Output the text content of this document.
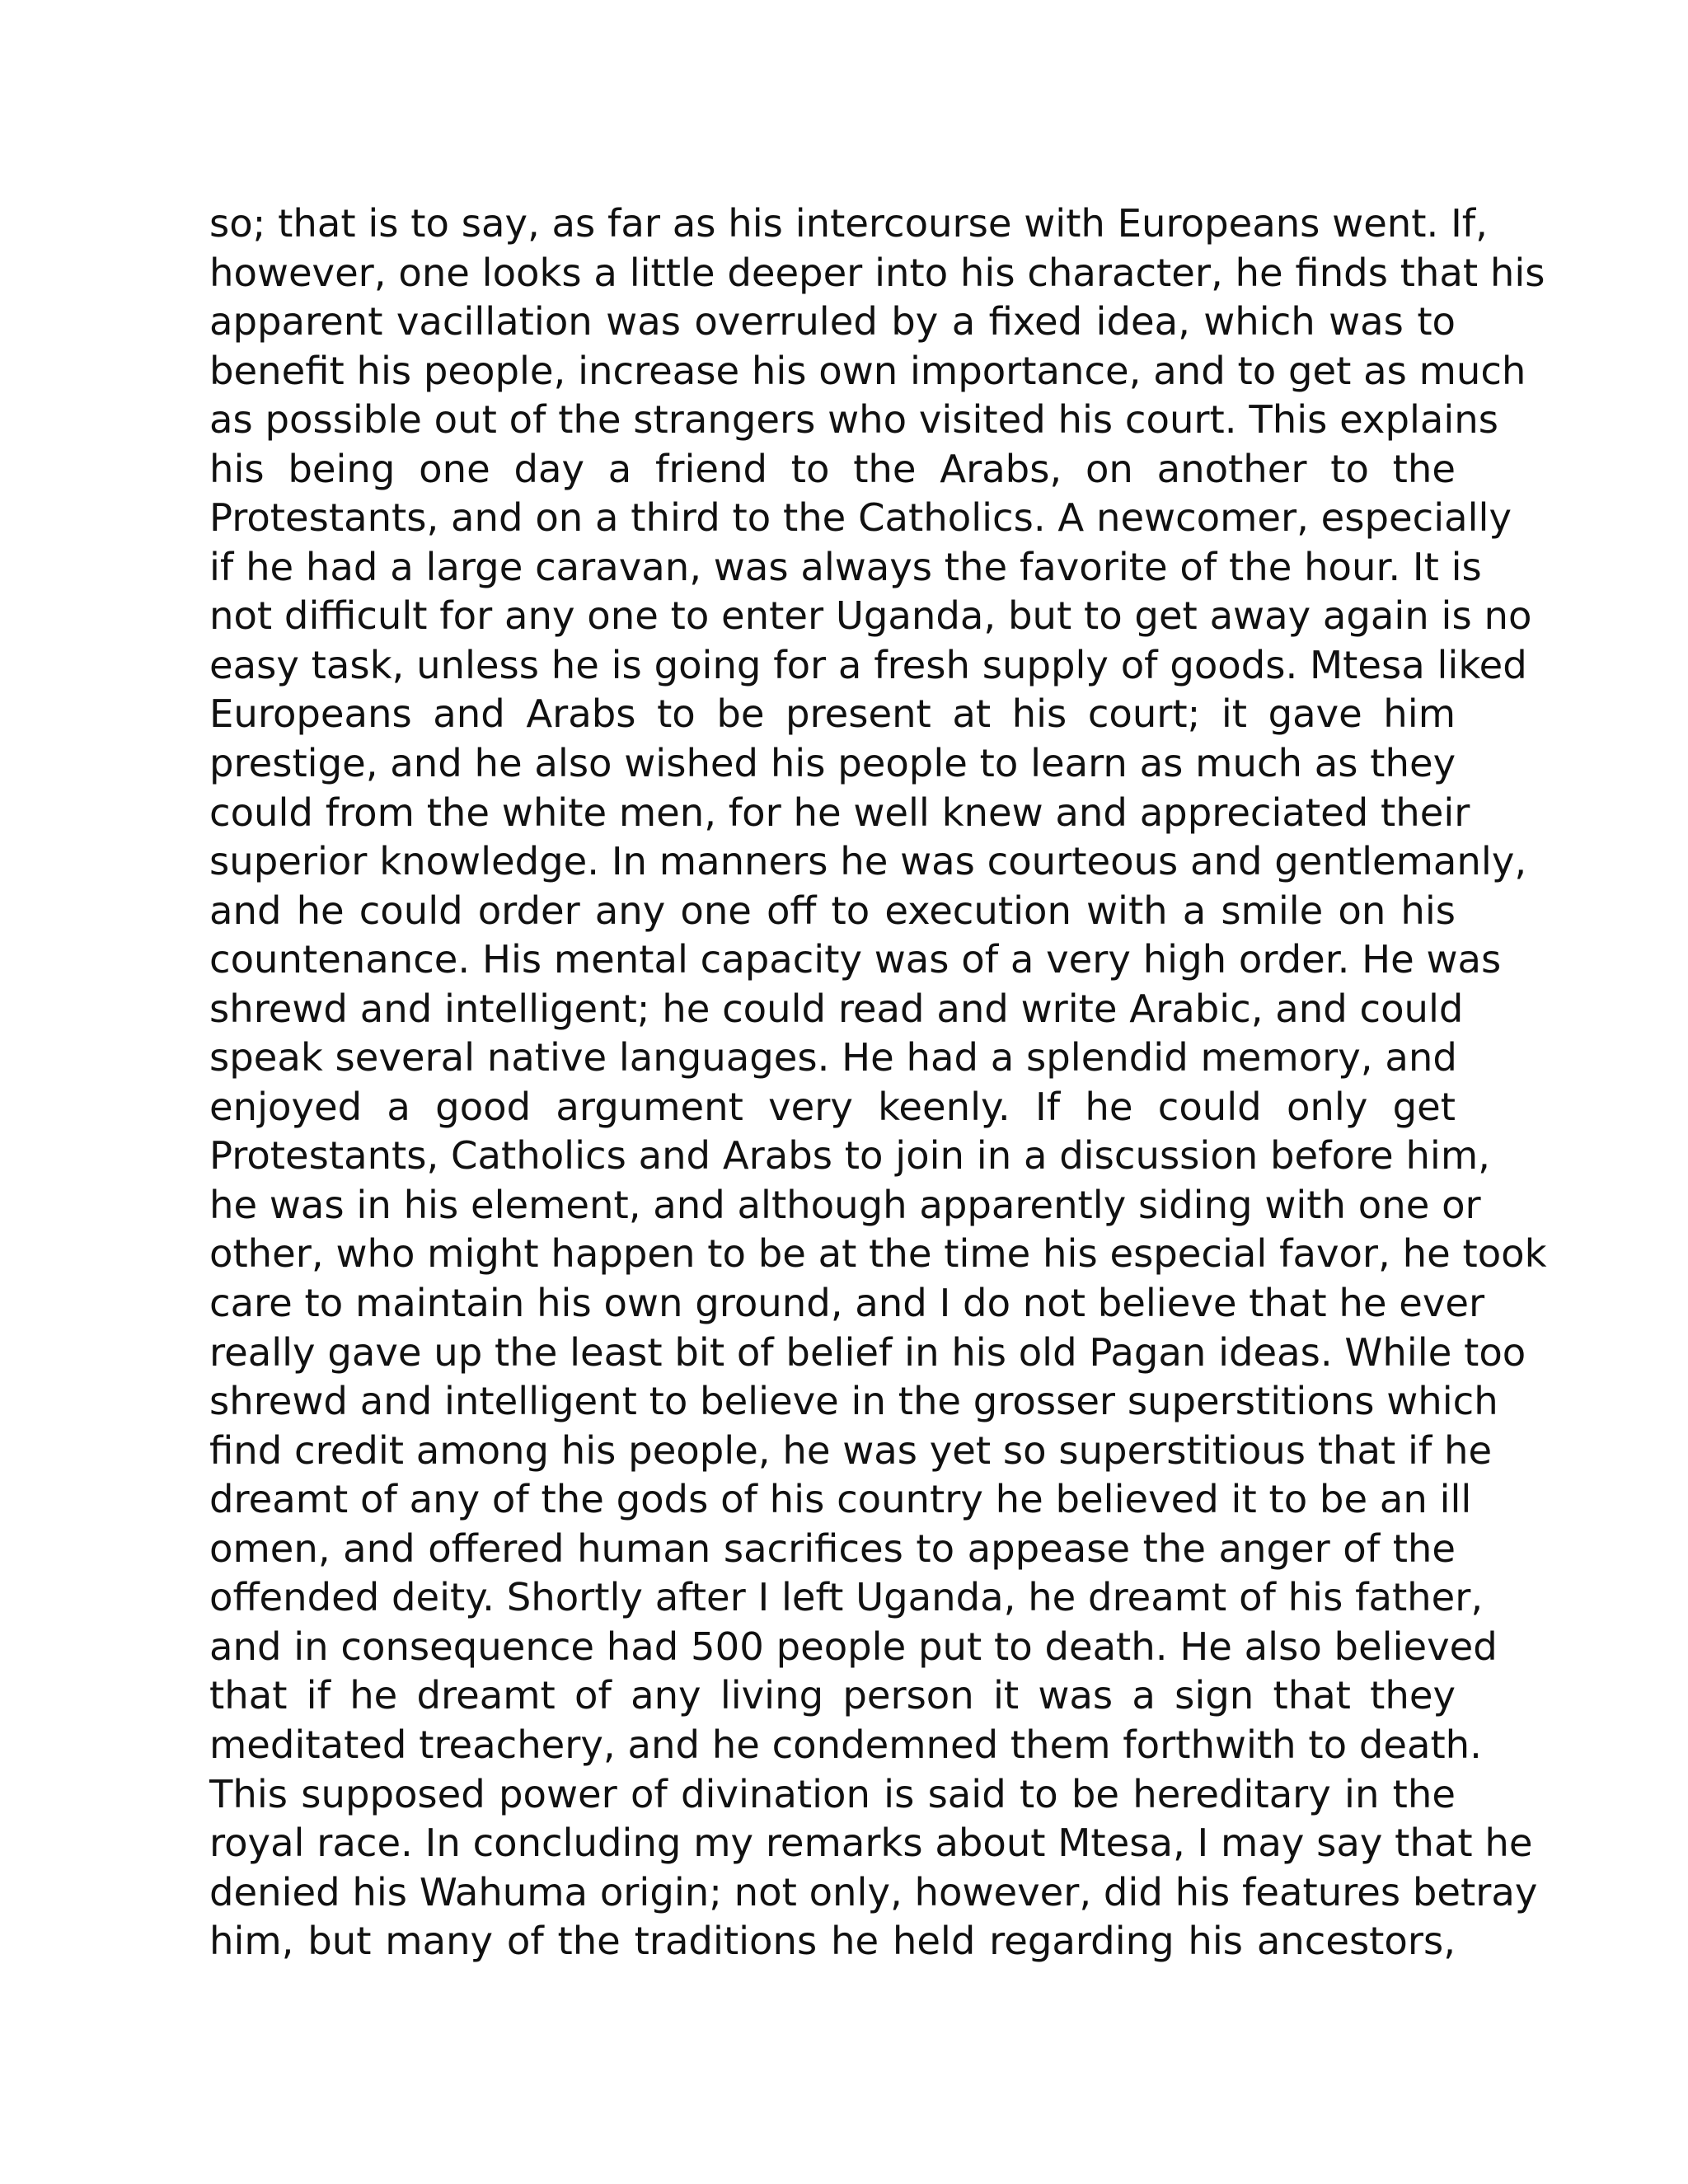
so; that is to say, as far as his intercourse with Europeans went. If,
however, one looks a little deeper into his character, he finds that his
apparent vacillation was overruled by a fixed idea, which was to
benefit his people, increase his own importance, and to get as much
as possible out of the strangers who visited his court. This explains
his being one day a friend to the Arabs, on another to the
Protestants, and on a third to the Catholics. A newcomer, especially
if he had a large caravan, was always the favorite of the hour. It is
not difficult for any one to enter Uganda, but to get away again is no
easy task, unless he is going for a fresh supply of goods. Mtesa liked
Europeans and Arabs to be present at his court; it gave him
prestige, and he also wished his people to learn as much as they
could from the white men, for he well knew and appreciated their
superior knowledge. In manners he was courteous and gentlemanly,
and he could order any one off to execution with a smile on his
countenance. His mental capacity was of a very high order. He was
shrewd and intelligent; he could read and write Arabic, and could
speak several native languages. He had a splendid memory, and
enjoyed a good argument very keenly. If he could only get
Protestants, Catholics and Arabs to join in a discussion before him,
he was in his element, and although apparently siding with one or
other, who might happen to be at the time his especial favor, he took
care to maintain his own ground, and I do not believe that he ever
really gave up the least bit of belief in his old Pagan ideas. While too
shrewd and intelligent to believe in the grosser superstitions which
find credit among his people, he was yet so superstitious that if he
dreamt of any of the gods of his country he believed it to be an ill
omen, and offered human sacrifices to appease the anger of the
offended deity. Shortly after I left Uganda, he dreamt of his father,
and in consequence had 500 people put to death. He also believed
that if he dreamt of any living person it was a sign that they
meditated treachery, and he condemned them forthwith to death.
This supposed power of divination is said to be hereditary in the
royal race. In concluding my remarks about Mtesa, I may say that he
denied his Wahuma origin; not only, however, did his features betray
him, but many of the traditions he held regarding his ancestors,
